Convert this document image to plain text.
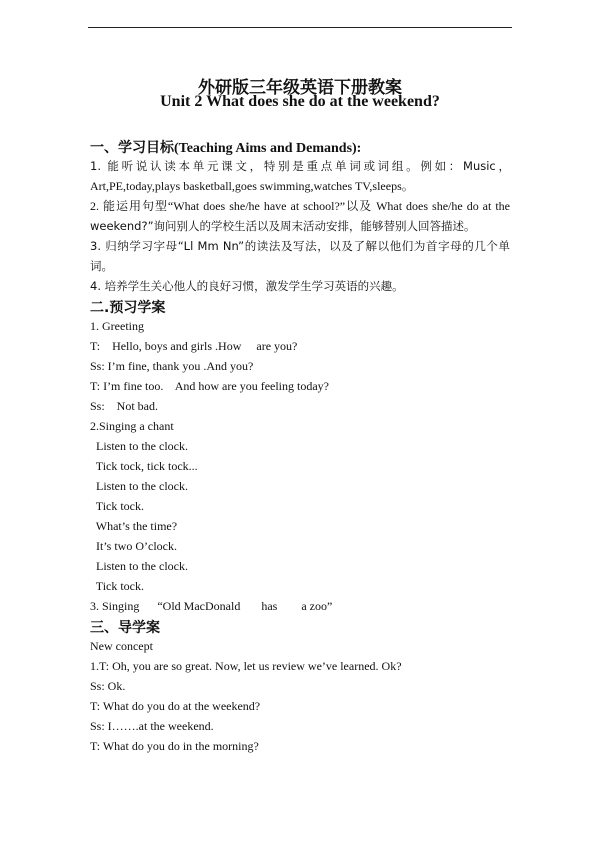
外研版三年级英语下册教案
Unit 2 What does she do at the weekend?
一、学习目标(Teaching Aims and Demands):
1. 能听说认读本单元课文，特别是重点单词或词组。例如：Music，
Art,PE,today,plays basketball,goes swimming,watches TV,sleeps。
2. 能运用句型“What does she/he have at school?”以及 What does she/he do at the
weekend?”询问别人的学校生活以及周末活动安排，能够替别人回答描述。
3. 归纳学习字母“Ll Mm Nn”的读法及写法，以及了解以他们为首字母的几个单
词。
4. 培养学生关心他人的良好习惯，激发学生学习英语的兴趣。
二.预习学案
1. Greeting
T:    Hello, boys and girls .How     are you?
Ss: I’m fine, thank you .And you?
T: I’m fine too.    And how are you feeling today?
Ss:    Not bad.
2.Singing a chant
Listen to the clock.
Tick tock, tick tock...
Listen to the clock.
Tick tock.
What’s the time?
It’s two O’clock.
Listen to the clock.
Tick tock.
3. Singing      “Old MacDonald       has        a zoo”
三、导学案
New concept
1.T: Oh, you are so great. Now, let us review we’ve learned. Ok?
Ss: Ok.
T: What do you do at the weekend?
Ss: I…….at the weekend.
T: What do you do in the morning?
